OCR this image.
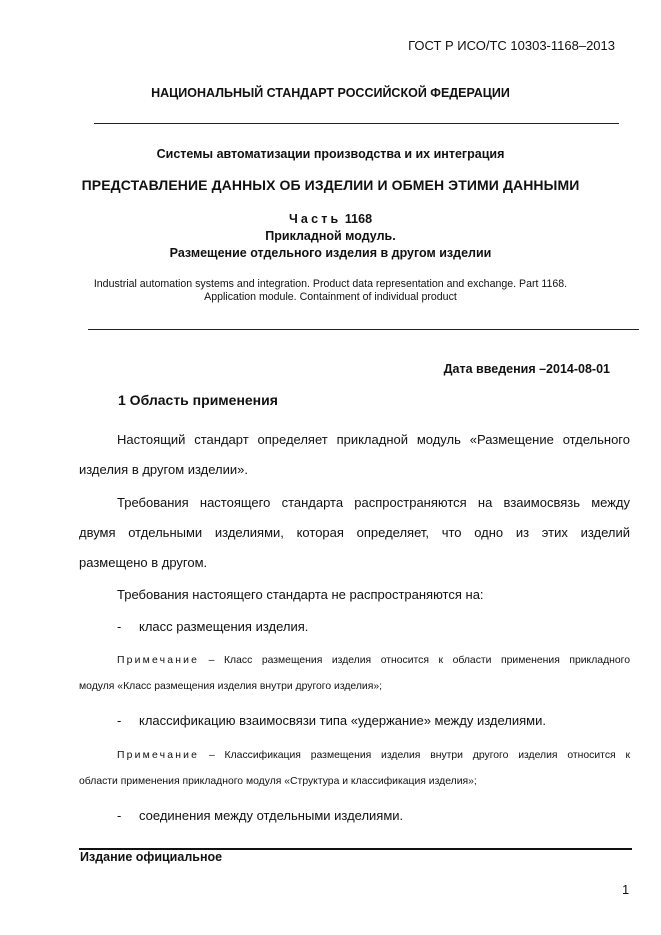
ГОСТ Р ИСО/ТС 10303-1168–2013
НАЦИОНАЛЬНЫЙ СТАНДАРТ РОССИЙСКОЙ ФЕДЕРАЦИИ
Системы автоматизации производства и их интеграция
ПРЕДСТАВЛЕНИЕ ДАННЫХ ОБ ИЗДЕЛИИ И ОБМЕН ЭТИМИ ДАННЫМИ
Часть 1168
Прикладной модуль.
Размещение отдельного изделия в другом изделии
Industrial automation systems and integration. Product data representation and exchange. Part 1168.
Application module. Containment of individual product
Дата введения –2014-08-01
1 Область применения
Настоящий стандарт определяет прикладной модуль «Размещение отдельного
изделия в другом изделии».
Требования настоящего стандарта распространяются на взаимосвязь между
двумя отдельными изделиями, которая определяет, что одно из этих изделий
размещено в другом.
Требования настоящего стандарта не распространяются на:
- класс размещения изделия.
Примечание – Класс размещения изделия относится к области применения прикладного
модуля «Класс размещения изделия внутри другого изделия»;
- классификацию взаимосвязи типа «удержание» между изделиями.
Примечание – Классификация размещения изделия внутри другого изделия относится к
области применения прикладного модуля «Структура и классификация изделия»;
- соединения между отдельными изделиями.
Издание официальное
1
